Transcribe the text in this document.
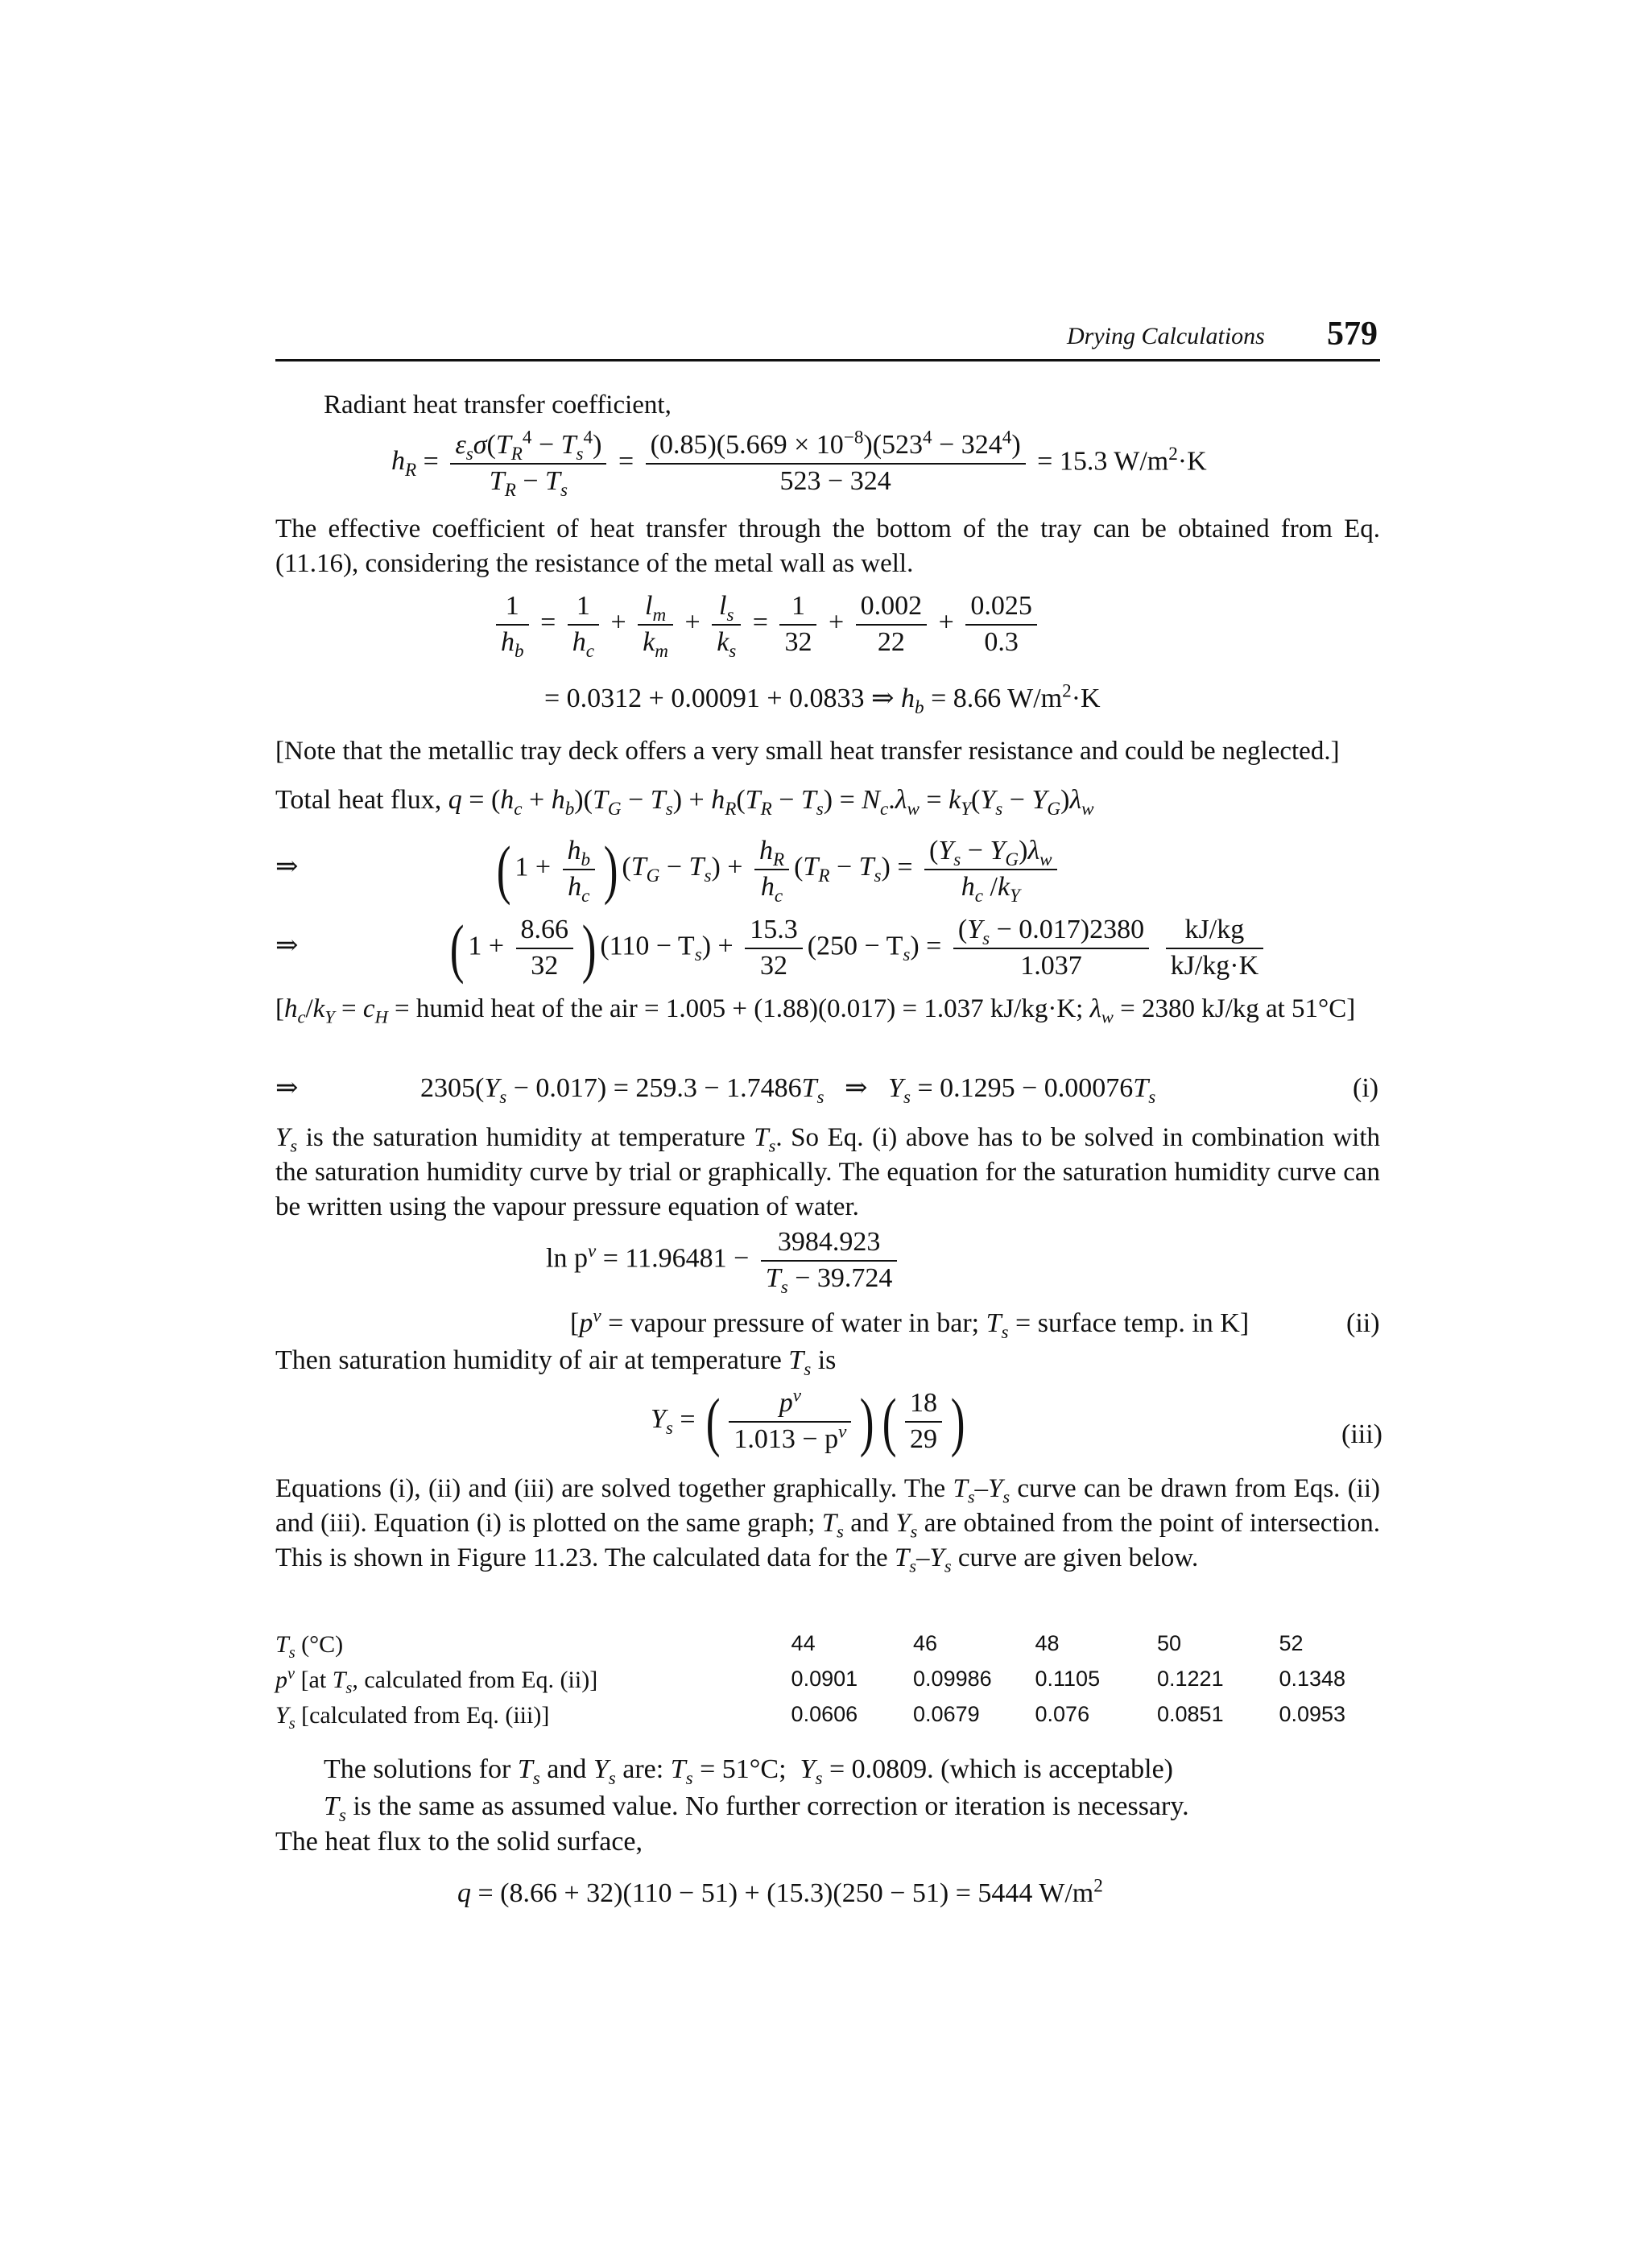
Drying Calculations 579
Radiant heat transfer coefficient,
$h_R = \frac{\varepsilon_s\sigma(T_R^4 - T_s^4)}{T_R - T_s} = \frac{(0.85)(5.669 \times 10^{-8})(523^4 - 324^4)}{523 - 324} = 15.3$ $W/m^2\cdot K$

The effective coefficient of heat transfer through the bottom of the tray can be obtained from Eq. (11.16), considering the resistance of the metal wall as well.

$\frac{1}{h_b} = \frac{1}{h_c} + \frac{l_m}{k_m} + \frac{l_s}{k_s} = \frac{1}{32} + \frac{0.002}{22} + \frac{0.025}{0.3}$
= 0.0312 + 0.00091 + 0.0833 ⇒ $h_b = 8.66$ $W/m^2\cdot K$

[Note that the metallic tray deck offers a very small heat transfer resistance and could be neglected.]

Total heat flux, $q = (h_c + h_b)(T_G - T_s) + h_R(T_R - T_s) = N_c.\lambda_w = k_Y(Y_s - Y_G)\lambda_w$
⇒	( $1 + \frac{h_b}{h_c}$ ) $(T_G - T_s) + \frac{h_R}{h_c} (T_R - T_s) = \frac{(Y_s - Y_G)\lambda_w}{h_c /k_Y}$
⇒ ( $1 + \frac{8.66}{32}$ ) $(110 - T_s) + \frac{15.3}{32} (250 - T_s) = \frac{(Y_s - 0.017)2380}{1.037}$
$\frac{kJ/kg}{kJ/kg\cdot K}$

[$h_c/k_Y = c_H$ = humid heat of the air = 1.005 + (1.88)(0.017) = 1.037 kJ/kg·K; $\lambda_w = 2380$ kJ/kg at 51°C]

⇒	$2305(Y_s - 0.017) = 259.3 - 1.7486T_s$   ⇒   $Y_s = 0.1295 - 0.00076T_s$	(i)

$Y_s$ is the saturation humidity at temperature $T_s$. So Eq. (i) above has to be solved in combination with the saturation humidity curve by trial or graphically. The equation for the saturation humidity curve can be written using the vapour pressure equation of water.

$\ln p^v = 11.96481 - \frac{3984.923}{T_s - 39.724}$
[$p^v$ = vapour pressure of water in bar; $T_s$ = surface temp. in K]	(ii)
Then saturation humidity of air at temperature $T_s$ is
$Y_s$ = ( $\frac{p^v}{1.013 - p^v}$ ) ( $\frac{18}{29}$ )	(iii)

Equations (i), (ii) and (iii) are solved together graphically. The $T_s-Y_s$ curve can be drawn from Eqs. (ii) and (iii). Equation (i) is plotted on the same graph; $T_s$ and $Y_s$ are obtained from the point of intersection. This is shown in Figure 11.23. The calculated data for the $T_s-Y_s$ curve are given below.

$T_s$ (°C)	44	46	48	50	52
$p^v$ [at $T_s$, calculated from Eq. (ii)]	0.0901	0.09986	0.1105	0.1221	0.1348
$Y_s$ [calculated from Eq. (iii)]	0.0606	0.0679	0.076	0.0851	0.0953
The solutions for $T_s$ and $Y_s$ are: $T_s = 51^\circ C$; $Y_s = 0.0809$. (which is acceptable)
$T_s$ is the same as assumed value. No further correction or iteration is necessary.
The heat flux to the solid surface,
q = (8.66 + 32)(110 − 51) + (15.3)(250 − 51) = 5444 $W/m^2$
